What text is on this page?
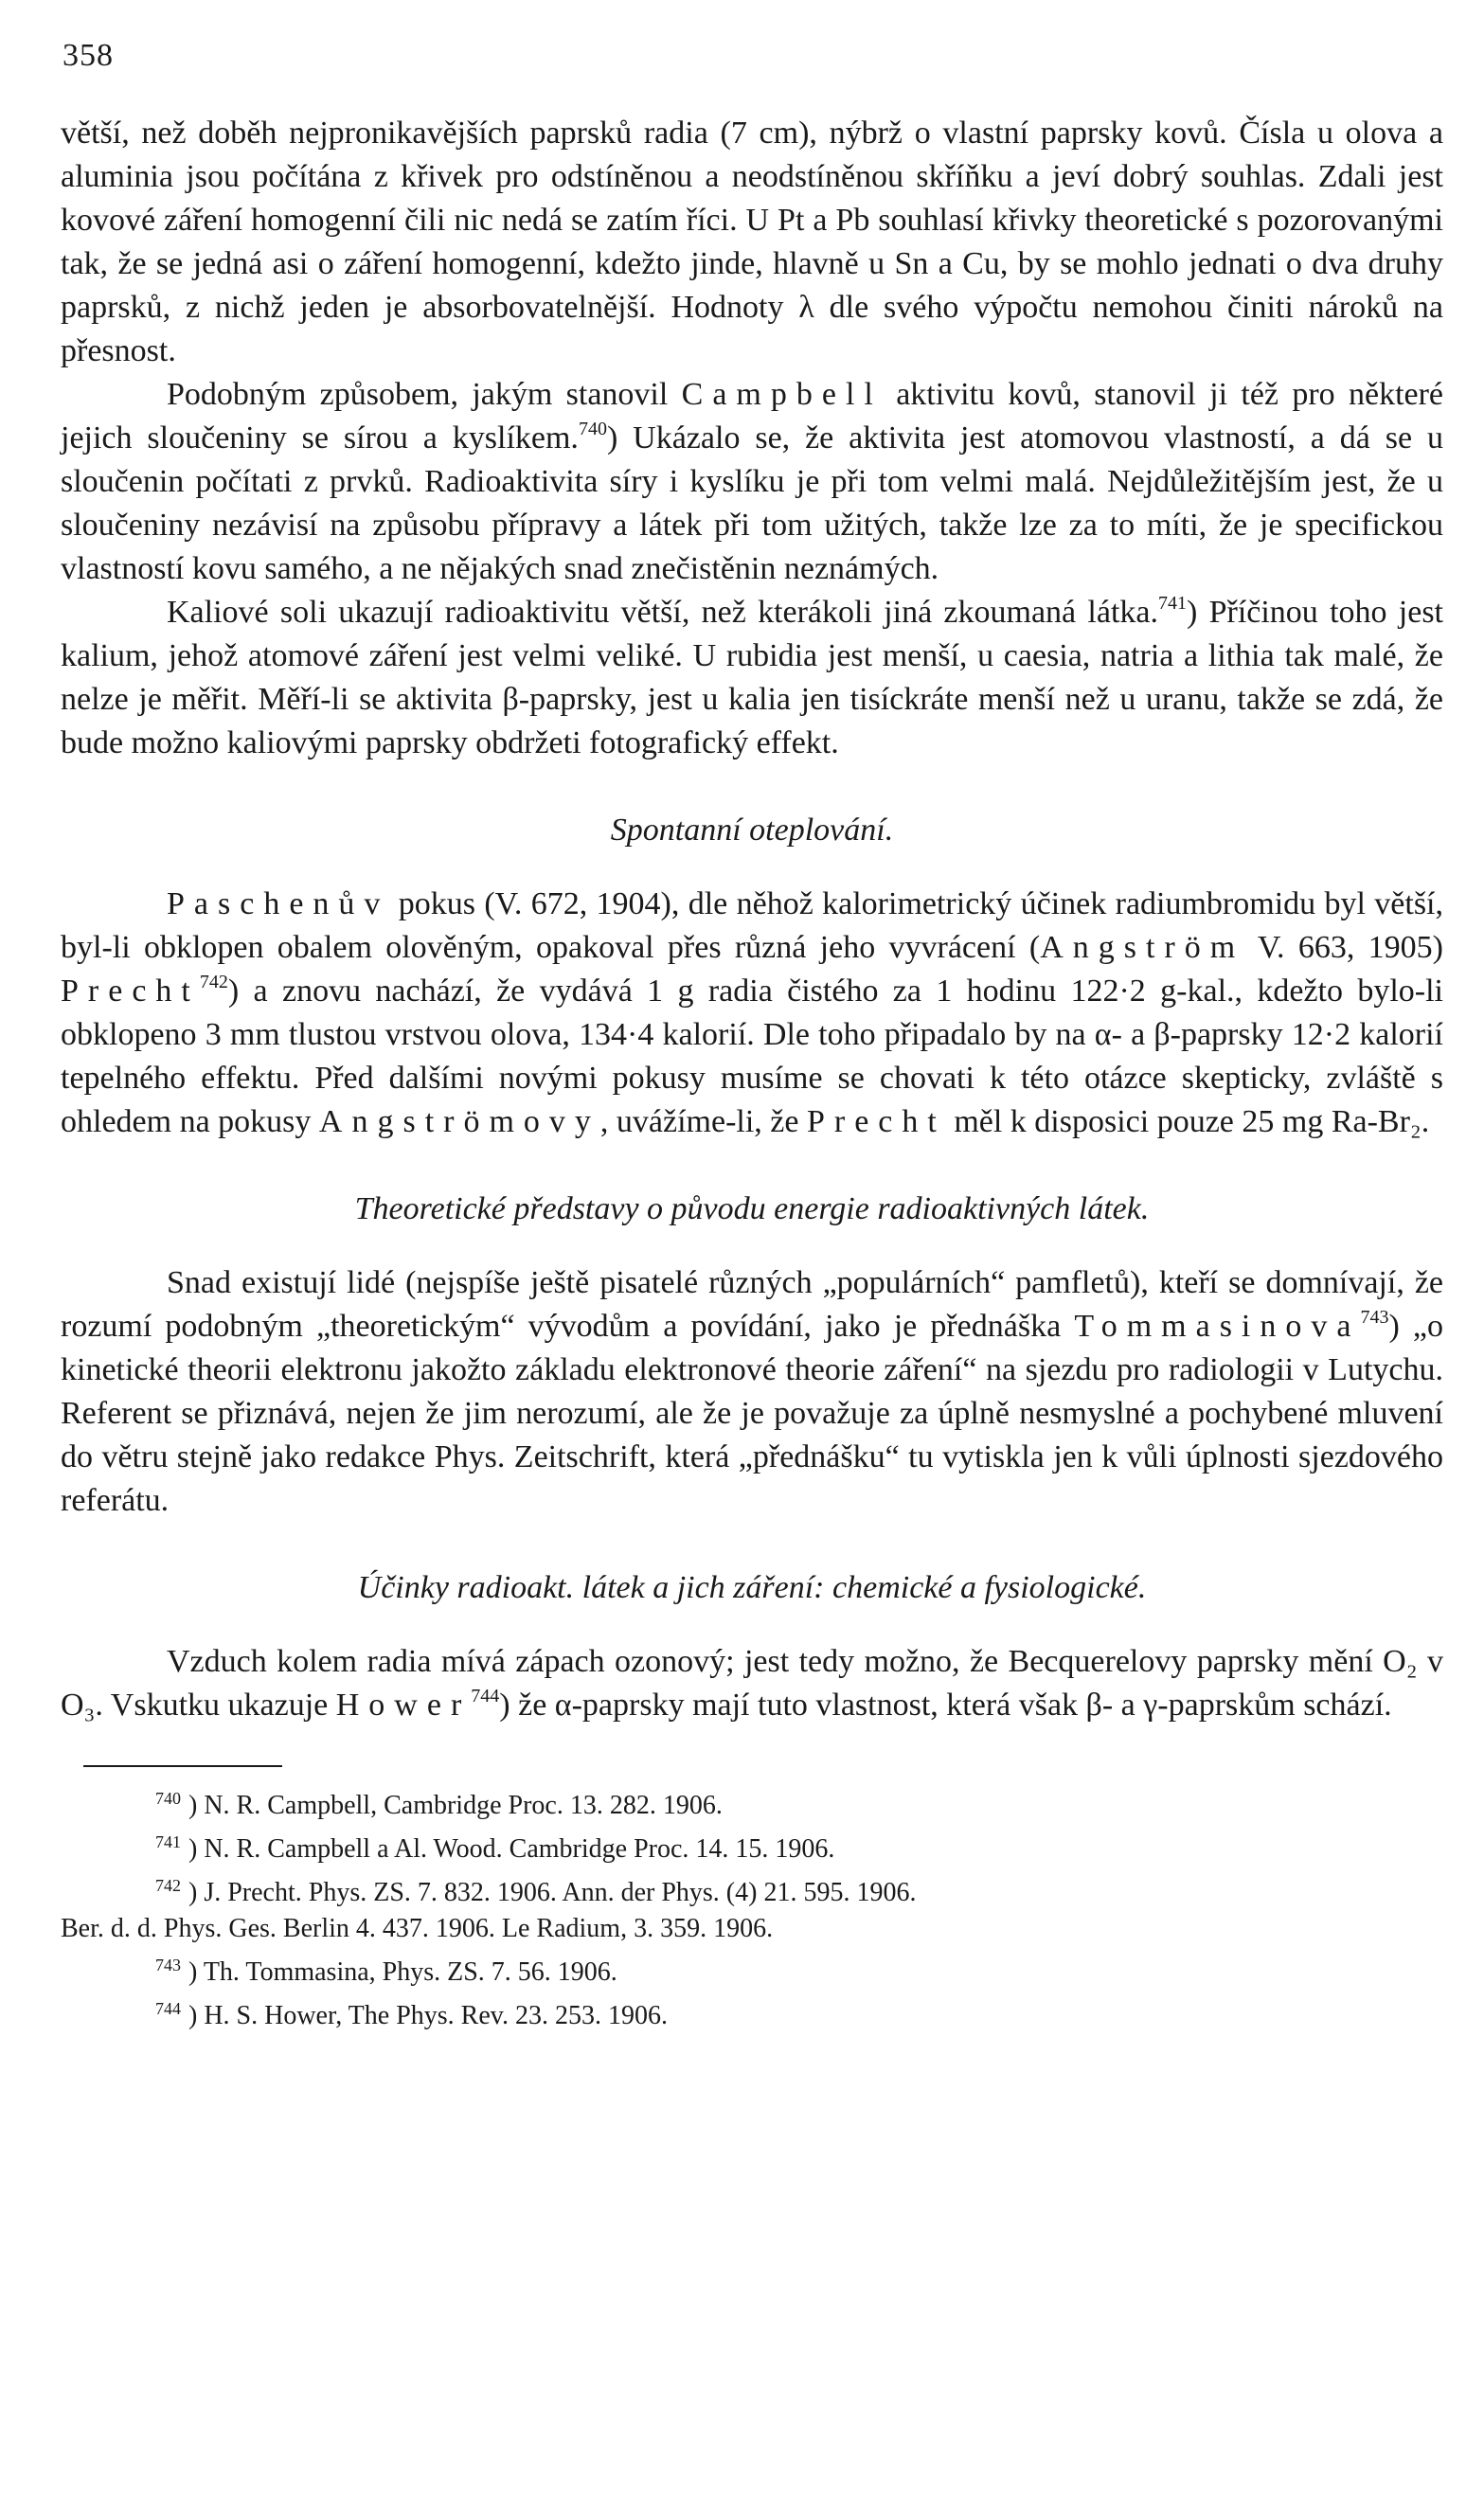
358

větší, než doběh nejpronikavějších paprsků radia (7 cm), nýbrž o vlastní paprsky kovů. Čísla u olova a aluminia jsou počítána z křivek pro odstíněnou a neodstíněnou skříňku a jeví dobrý souhlas. Zdali jest kovové záření homogenní čili nic nedá se zatím říci. U Pt a Pb souhlasí křivky theoretické s pozorovanými tak, že se jedná asi o záření homogenní, kdežto jinde, hlavně u Sn a Cu, by se mohlo jednati o dva druhy paprsků, z nichž jeden je absorbovatelnější. Hodnoty λ dle svého výpočtu nemohou činiti nároků na přesnost.

Podobným způsobem, jakým stanovil Campbell aktivitu kovů, stanovil ji též pro některé jejich sloučeniny se sírou a kyslíkem.$^{740}$) Ukázalo se, že aktivita jest atomovou vlastností, a dá se u sloučenin počítati z prvků. Radioaktivita síry i kyslíku je při tom velmi malá. Nejdůležitějším jest, že u sloučeniny nezávisí na způsobu přípravy a látek při tom užitých, takže lze za to míti, že je specifickou vlastností kovu samého, a ne nějakých snad znečistěnin neznámých.

Kaliové soli ukazují radioaktivitu větší, než kterákoli jiná zkoumaná látka.$^{741}$) Příčinou toho jest kalium, jehož atomové záření jest velmi veliké. U rubidia jest menší, u caesia, natria a lithia tak malé, že nelze je měřit. Měří-li se aktivita β-paprsky, jest u kalia jen tisíckráte menší než u uranu, takže se zdá, že bude možno kaliovými paprsky obdržeti fotografický effekt.

Spontanní oteplování.

Paschenův pokus (V. 672, 1904), dle něhož kalorimetrický účinek radiumbromidu byl větší, byl-li obklopen obalem olověným, opakoval přes různá jeho vyvrácení (Angström V. 663, 1905) Precht$^{742}$) a znovu nachází, že vydává 1 g radia čistého za 1 hodinu 122·2 g-kal., kdežto bylo-li obklopeno 3 mm tlustou vrstvou olova, 134·4 kalorií. Dle toho připadalo by na α- a β-paprsky 12·2 kalorií tepelného effektu. Před dalšími novými pokusy musíme se chovati k této otázce skepticky, zvláště s ohledem na pokusy Angströmovy, uvážíme-li, že Precht měl k disposici pouze 25 mg Ra-Br₂.

Theoretické představy o původu energie radioaktivných látek.

Snad existují lidé (nejspíše ještě pisatelé různých „populárních“ pamfletů), kteří se domnívají, že rozumí podobným „theoretickým“ vývodům a povídání, jako je přednáška Tommasinova$^{743}$) „o kinetické theorii elektronu jakožto základu elektronové theorie záření“ na sjezdu pro radiologii v Lutychu. Referent se přiznává, nejen že jim nerozumí, ale že je považuje za úplně nesmyslné a pochybené mluvení do větru stejně jako redakce Phys. Zeitschrift, která „přednášku“ tu vytiskla jen k vůli úplnosti sjezdového referátu.

Účinky radioakt. látek a jich záření: chemické a fysiologické.

Vzduch kolem radia mívá zápach ozonový; jest tedy možno, že Becquerelovy paprsky mění O₂ v O₃. Vskutku ukazuje Hower$^{744}$) že α-paprsky mají tuto vlastnost, která však β- a γ-paprskům schází.

$^{740}$ ) N. R. Campbell, Cambridge Proc. 13. 282. 1906.
$^{741}$ ) N. R. Campbell a Al. Wood. Cambridge Proc. 14. 15. 1906.
$^{742}$ ) J. Precht. Phys. ZS. 7. 832. 1906. Ann. der Phys. (4) 21. 595. 1906.
Ber. d. d. Phys. Ges. Berlin 4. 437. 1906. Le Radium, 3. 359. 1906.
$^{743}$ ) Th. Tommasina, Phys. ZS. 7. 56. 1906.
$^{744}$ ) H. S. Hower, The Phys. Rev. 23. 253. 1906.
